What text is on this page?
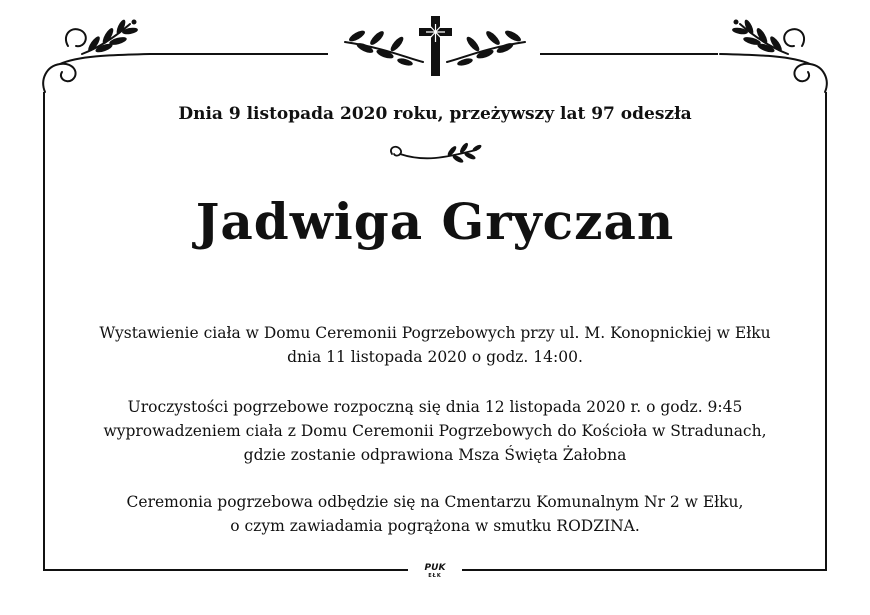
Dnia 9 listopada 2020 roku, przeżywszy lat 97 odeszła
Jadwiga Gryczan
Wystawienie ciała w Domu Ceremonii Pogrzebowych przy ul. M. Konopnickiej w Ełku
dnia 11 listopada 2020 o godz. 14:00.
Uroczystości pogrzebowe rozpoczną się dnia 12 listopada 2020 r. o godz. 9:45
wyprowadzeniem ciała z Domu Ceremonii Pogrzebowych do Kościoła w Stradunach,
gdzie zostanie odprawiona Msza Święta Żałobna
Ceremonia pogrzebowa odbędzie się na Cmentarzu Komunalnym Nr 2 w Ełku,
o czym zawiadamia pogrążona w smutku RODZINA.
PUK
EŁK
